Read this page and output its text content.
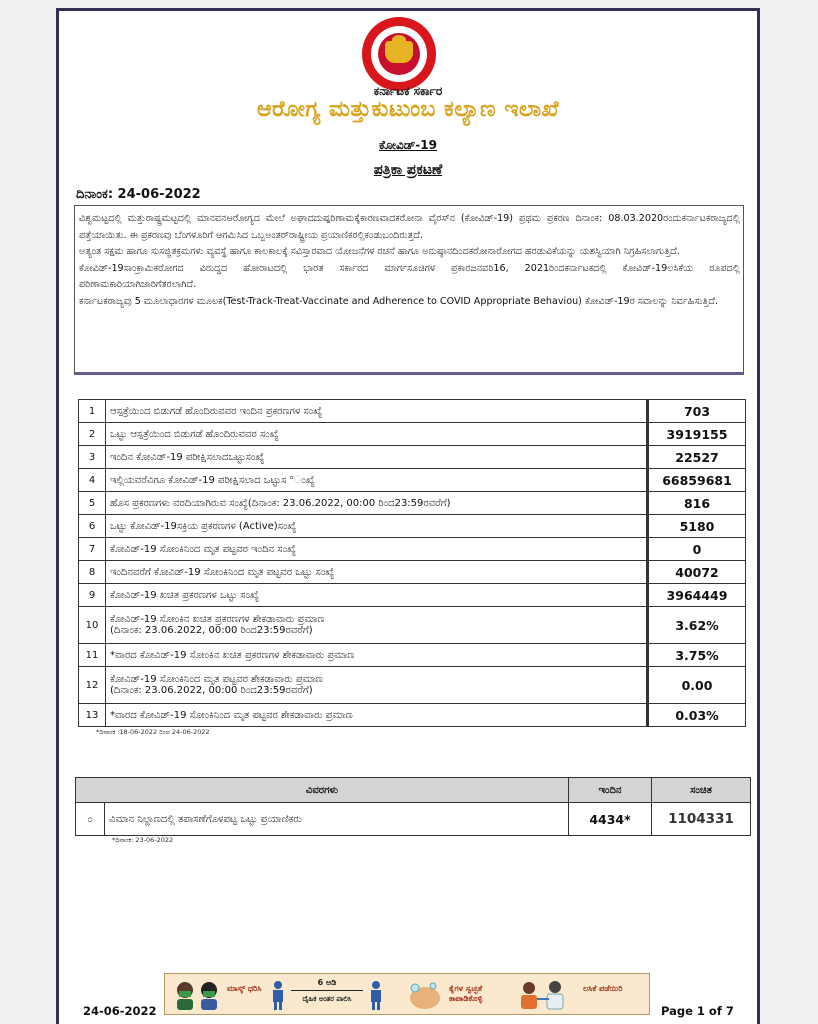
ಕರ್ನಾಟಕ ಸರ್ಕಾರ
ಆರೋಗ್ಯ ಮತ್ತುಕುಟುಂಬ ಕಲ್ಯಾಣ ಇಲಾಖೆ
ಕೋವಿಡ್-19
ಪತ್ರಿಕಾ ಪ್ರಕಟಣೆ
ದಿನಾಂಕ: 24-06-2022

ವಿಶ್ವಮಟ್ಟದಲ್ಲಿ ಮತ್ತುರಾಷ್ಟ್ರಮಟ್ಟದಲ್ಲಿ ಮಾನವನಆರೋಗ್ಯದ ಮೇಲೆ ಅಘಾದದುಷ್ಪರಿಣಾಮಕ್ಕೆಕಾರಣವಾದಕರೋನಾ ವೈರಸ್‌ನ (ಕೋವಿಡ್-19) ಪ್ರಥಮ ಪ್ರಕರಣ ದಿನಾಂಕ: 08.03.2020ರಂದುಕರ್ನಾಟಕರಾಜ್ಯದಲ್ಲಿ ಪತ್ತೆಯಾಯಿತು. ಈ ಪ್ರಕರಣವು ಬೆಂಗಳೂರಿಗೆ ಆಗಮಿಸಿದ ಒಬ್ಬಅಂತರ್‌ರಾಷ್ಟ್ರೀಯ ಪ್ರಯಾಣಿಕರಲ್ಲಿಕಂಡುಬಂದಿರುತ್ತದೆ.

ಅತ್ಯಂತ ಸಕ್ಷಮ ಹಾಗೂ ಸುಸಜ್ಜಿತಕ್ರಮಗಳು ವ್ಯವಸ್ಥೆ ಹಾಗೂ ಕಾಲಕಾಲಕ್ಕೆ ಸವಿಸ್ತಾರವಾದ ಯೋಜನೆಗಳ ರಚನೆ ಹಾಗೂ ಅನುಷ್ಠಾನದಿಂದಕರೋನಾರೋಗದ ಹರಡುವಿಕೆಯನ್ನು ಯಶಸ್ವಿಯಾಗಿ ನಿಗ್ರಹಿಸಲಾಗುತ್ತಿದೆ.

ಕೋವಿಡ್-19ಸಾಂಕ್ರಾಮಿಕರೋಗದ ವಿರುದ್ಧದ ಹೋರಾಟದಲ್ಲಿ ಭಾರತ ಸರ್ಕಾರದ ಮಾರ್ಗಸೂಚಿಗಳ ಪ್ರಕಾರಜನವರಿ16, 2021ರಿಂದಕರ್ನಾಟಕದಲ್ಲಿ ಕೋವಿಡ್-19ಲಸಿಕೆಯ ರೂಪದಲ್ಲಿ ಪರಿಣಾಮಕಾರಿಯಾಗಿಜಾರಿಗೆತರಲಾಗಿದೆ.

ಕರ್ನಾಟಕರಾಜ್ಯವು 5 ಮೂಲಾಧಾರಗಳ ಮೂಲಕ(Test-Track-Treat-Vaccinate and Adherence to COVID Appropriate Behaviou) ಕೋವಿಡ್-19ರ ಸವಾಲನ್ನು ನಿರ್ವಹಿಸುತ್ತಿದೆ.

1	ಆಸ್ಪತ್ರೆಯಿಂದ ಬಿಡುಗಡೆ ಹೊಂದಿರುವವರ ಇಂದಿನ ಪ್ರಕರಣಗಳ ಸಂಖ್ಯೆ	703
2	ಒಟ್ಟು ಆಸ್ಪತ್ರೆಯಿಂದ ಬಿಡುಗಡೆ ಹೊಂದಿರುವವರ ಸಂಖ್ಯೆ	3919155
3	ಇಂದಿನ ಕೋವಿಡ್-19 ಪರೀಕ್ಷಿಸಲಾದಒಟ್ಟುಸಂಖ್ಯೆ	22527
4	ಇಲ್ಲಿಯವರೆವಿಗೂ ಕೋವಿಡ್-19 ಪರೀಕ್ಷಿಸಲಾದ ಒಟ್ಟುಸ °ಂಖ್ಯೆ	66859681
5	ಹೊಸ ಪ್ರಕರಣಗಳು ವರದಿಯಾಗಿರುವ ಸಂಖ್ಯೆ(ದಿನಾಂಕ: 23.06.2022, 00:00 ರಿಂದ23:59ರವರೆಗೆ)	816
6	ಒಟ್ಟು ಕೋವಿಡ್-19ಸಕ್ರಿಯ ಪ್ರಕರಣಗಳ (Active)ಸಂಖ್ಯೆ	5180
7	ಕೋವಿಡ್-19 ಸೋಂಕಿನಿಂದ ಮೃತ ಪಟ್ಟವರ ಇಂದಿನ ಸಂಖ್ಯೆ	0
8	ಇಂದಿನವರೆಗೆ ಕೋವಿಡ್-19 ಸೋಂಕಿನಿಂದ ಮೃತ ಪಟ್ಟವರ ಒಟ್ಟು ಸಂಖ್ಯೆ	40072
9	ಕೋವಿಡ್-19 ಖಚಿತ ಪ್ರಕರಣಗಳ ಒಟ್ಟು ಸಂಖ್ಯೆ	3964449
10	ಕೋವಿಡ್-19 ಸೋಂಕಿನ ಖಚಿತ ಪ್ರಕರಣಗಳ ಶೇಕಡಾವಾರು ಪ್ರಮಾಣ
(ದಿನಾಂಕ: 23.06.2022, 00:00 ರಿಂದ23:59ರವರೆಗೆ)	3.62%
11	*ವಾರದ ಕೋವಿಡ್-19 ಸೋಂಕಿನ ಖಚಿತ ಪ್ರಕರಣಗಳ ಶೇಕಡಾವಾರು ಪ್ರಮಾಣ	3.75%
12	ಕೋವಿಡ್-19 ಸೋಂಕಿನಿಂದ ಮೃತ ಪಟ್ಟವರ ಶೇಕಡಾವಾರು ಪ್ರಮಾಣ
(ದಿನಾಂಕ: 23.06.2022, 00:00 ರಿಂದ23:59ರವರೆಗೆ)	0.00
13	*ವಾರದ ಕೋವಿಡ್-19 ಸೋಂಕಿನಿಂದ ಮೃತ ಪಟ್ಟವರ ಶೇಕಡಾವಾರು ಪ್ರಮಾಣ	0.03%
*ದಿನಾಂಕ :18-06-2022 ರಿಂದ 24-06-2022
ವಿವರಗಳು		ಇಂದಿನ	ಸಂಚಿತ
೦	ವಿಮಾನ ನಿಲ್ದಾಣದಲ್ಲಿ ತಪಾಸಣೆಗೊಳಪಟ್ಟ ಒಟ್ಟು ಪ್ರಯಾಣಿಕರು	4434*	1104331
*ದಿನಾಂಕ: 23-06-2022
ಮಾಸ್ಕ್ ಧರಿಸಿ
6 ಅಡಿ
ದೈಹಿಕ ಅಂತರ ಪಾಲಿಸಿ
ಕೈಗಳ ಸ್ವಚ್ಛತೆ ಕಾಪಾಡಿಕೊಳ್ಳಿ
ಲಸಿಕೆ ಪಡೆಯಿರಿ
24-06-2022	Page 1 of 7
